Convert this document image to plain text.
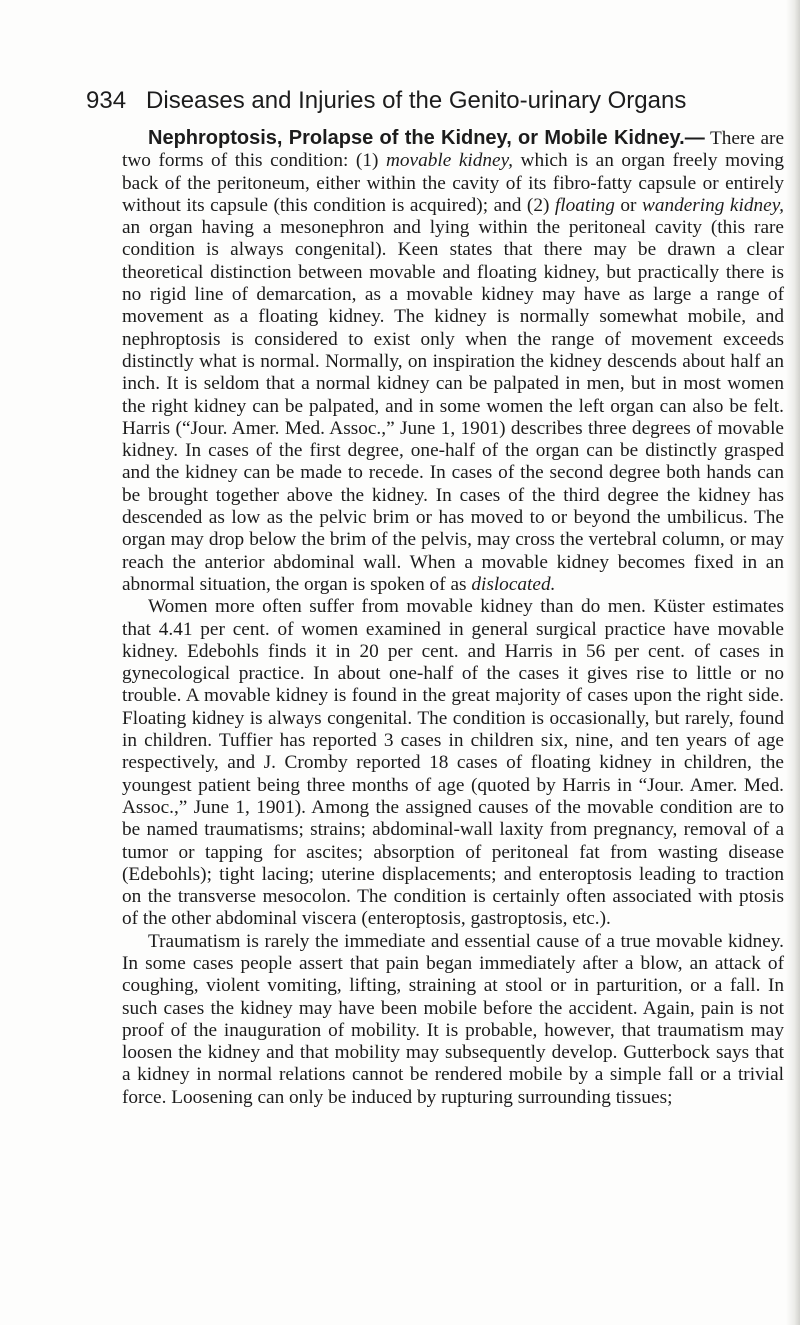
934 Diseases and Injuries of the Genito-urinary Organs

Nephroptosis, Prolapse of the Kidney, or Mobile Kidney.— There are two forms of this condition: (1) movable kidney, which is an organ freely moving back of the peritoneum, either within the cavity of its fibro-fatty capsule or entirely without its capsule (this condition is acquired); and (2) floating or wandering kidney, an organ having a mesonephron and lying within the peritoneal cavity (this rare condition is always congenital). Keen states that there may be drawn a clear theoretical distinction between movable and floating kidney, but practically there is no rigid line of demarcation, as a movable kidney may have as large a range of movement as a floating kidney. The kidney is normally somewhat mobile, and nephroptosis is considered to exist only when the range of movement exceeds distinctly what is normal. Normally, on inspiration the kidney descends about half an inch. It is seldom that a normal kidney can be palpated in men, but in most women the right kidney can be palpated, and in some women the left organ can also be felt. Harris (“Jour. Amer. Med. Assoc.,” June 1, 1901) describes three degrees of movable kidney. In cases of the first degree, one-half of the organ can be distinctly grasped and the kidney can be made to recede. In cases of the second degree both hands can be brought together above the kidney. In cases of the third degree the kidney has descended as low as the pelvic brim or has moved to or beyond the umbilicus. The organ may drop below the brim of the pelvis, may cross the vertebral column, or may reach the anterior abdominal wall. When a movable kidney becomes fixed in an abnormal situation, the organ is spoken of as dislocated.

Women more often suffer from movable kidney than do men. Küster estimates that 4.41 per cent. of women examined in general surgical practice have movable kidney. Edebohls finds it in 20 per cent. and Harris in 56 per cent. of cases in gynecological practice. In about one-half of the cases it gives rise to little or no trouble. A movable kidney is found in the great majority of cases upon the right side. Floating kidney is always congenital. The condition is occasionally, but rarely, found in children. Tuffier has reported 3 cases in children six, nine, and ten years of age respectively, and J. Cromby reported 18 cases of floating kidney in children, the youngest patient being three months of age (quoted by Harris in “Jour. Amer. Med. Assoc.,” June 1, 1901). Among the assigned causes of the movable condition are to be named traumatisms; strains; abdominal-wall laxity from pregnancy, removal of a tumor or tapping for ascites; absorption of peritoneal fat from wasting disease (Edebohls); tight lacing; uterine displacements; and enteroptosis leading to traction on the transverse mesocolon. The condition is certainly often associated with ptosis of the other abdominal viscera (enteroptosis, gastroptosis, etc.).

Traumatism is rarely the immediate and essential cause of a true movable kidney. In some cases people assert that pain began immediately after a blow, an attack of coughing, violent vomiting, lifting, straining at stool or in parturition, or a fall. In such cases the kidney may have been mobile before the accident. Again, pain is not proof of the inauguration of mobility. It is probable, however, that traumatism may loosen the kidney and that mobility may subsequently develop. Gutterbock says that a kidney in normal relations cannot be rendered mobile by a simple fall or a trivial force. Loosening can only be induced by rupturing surrounding tissues;
